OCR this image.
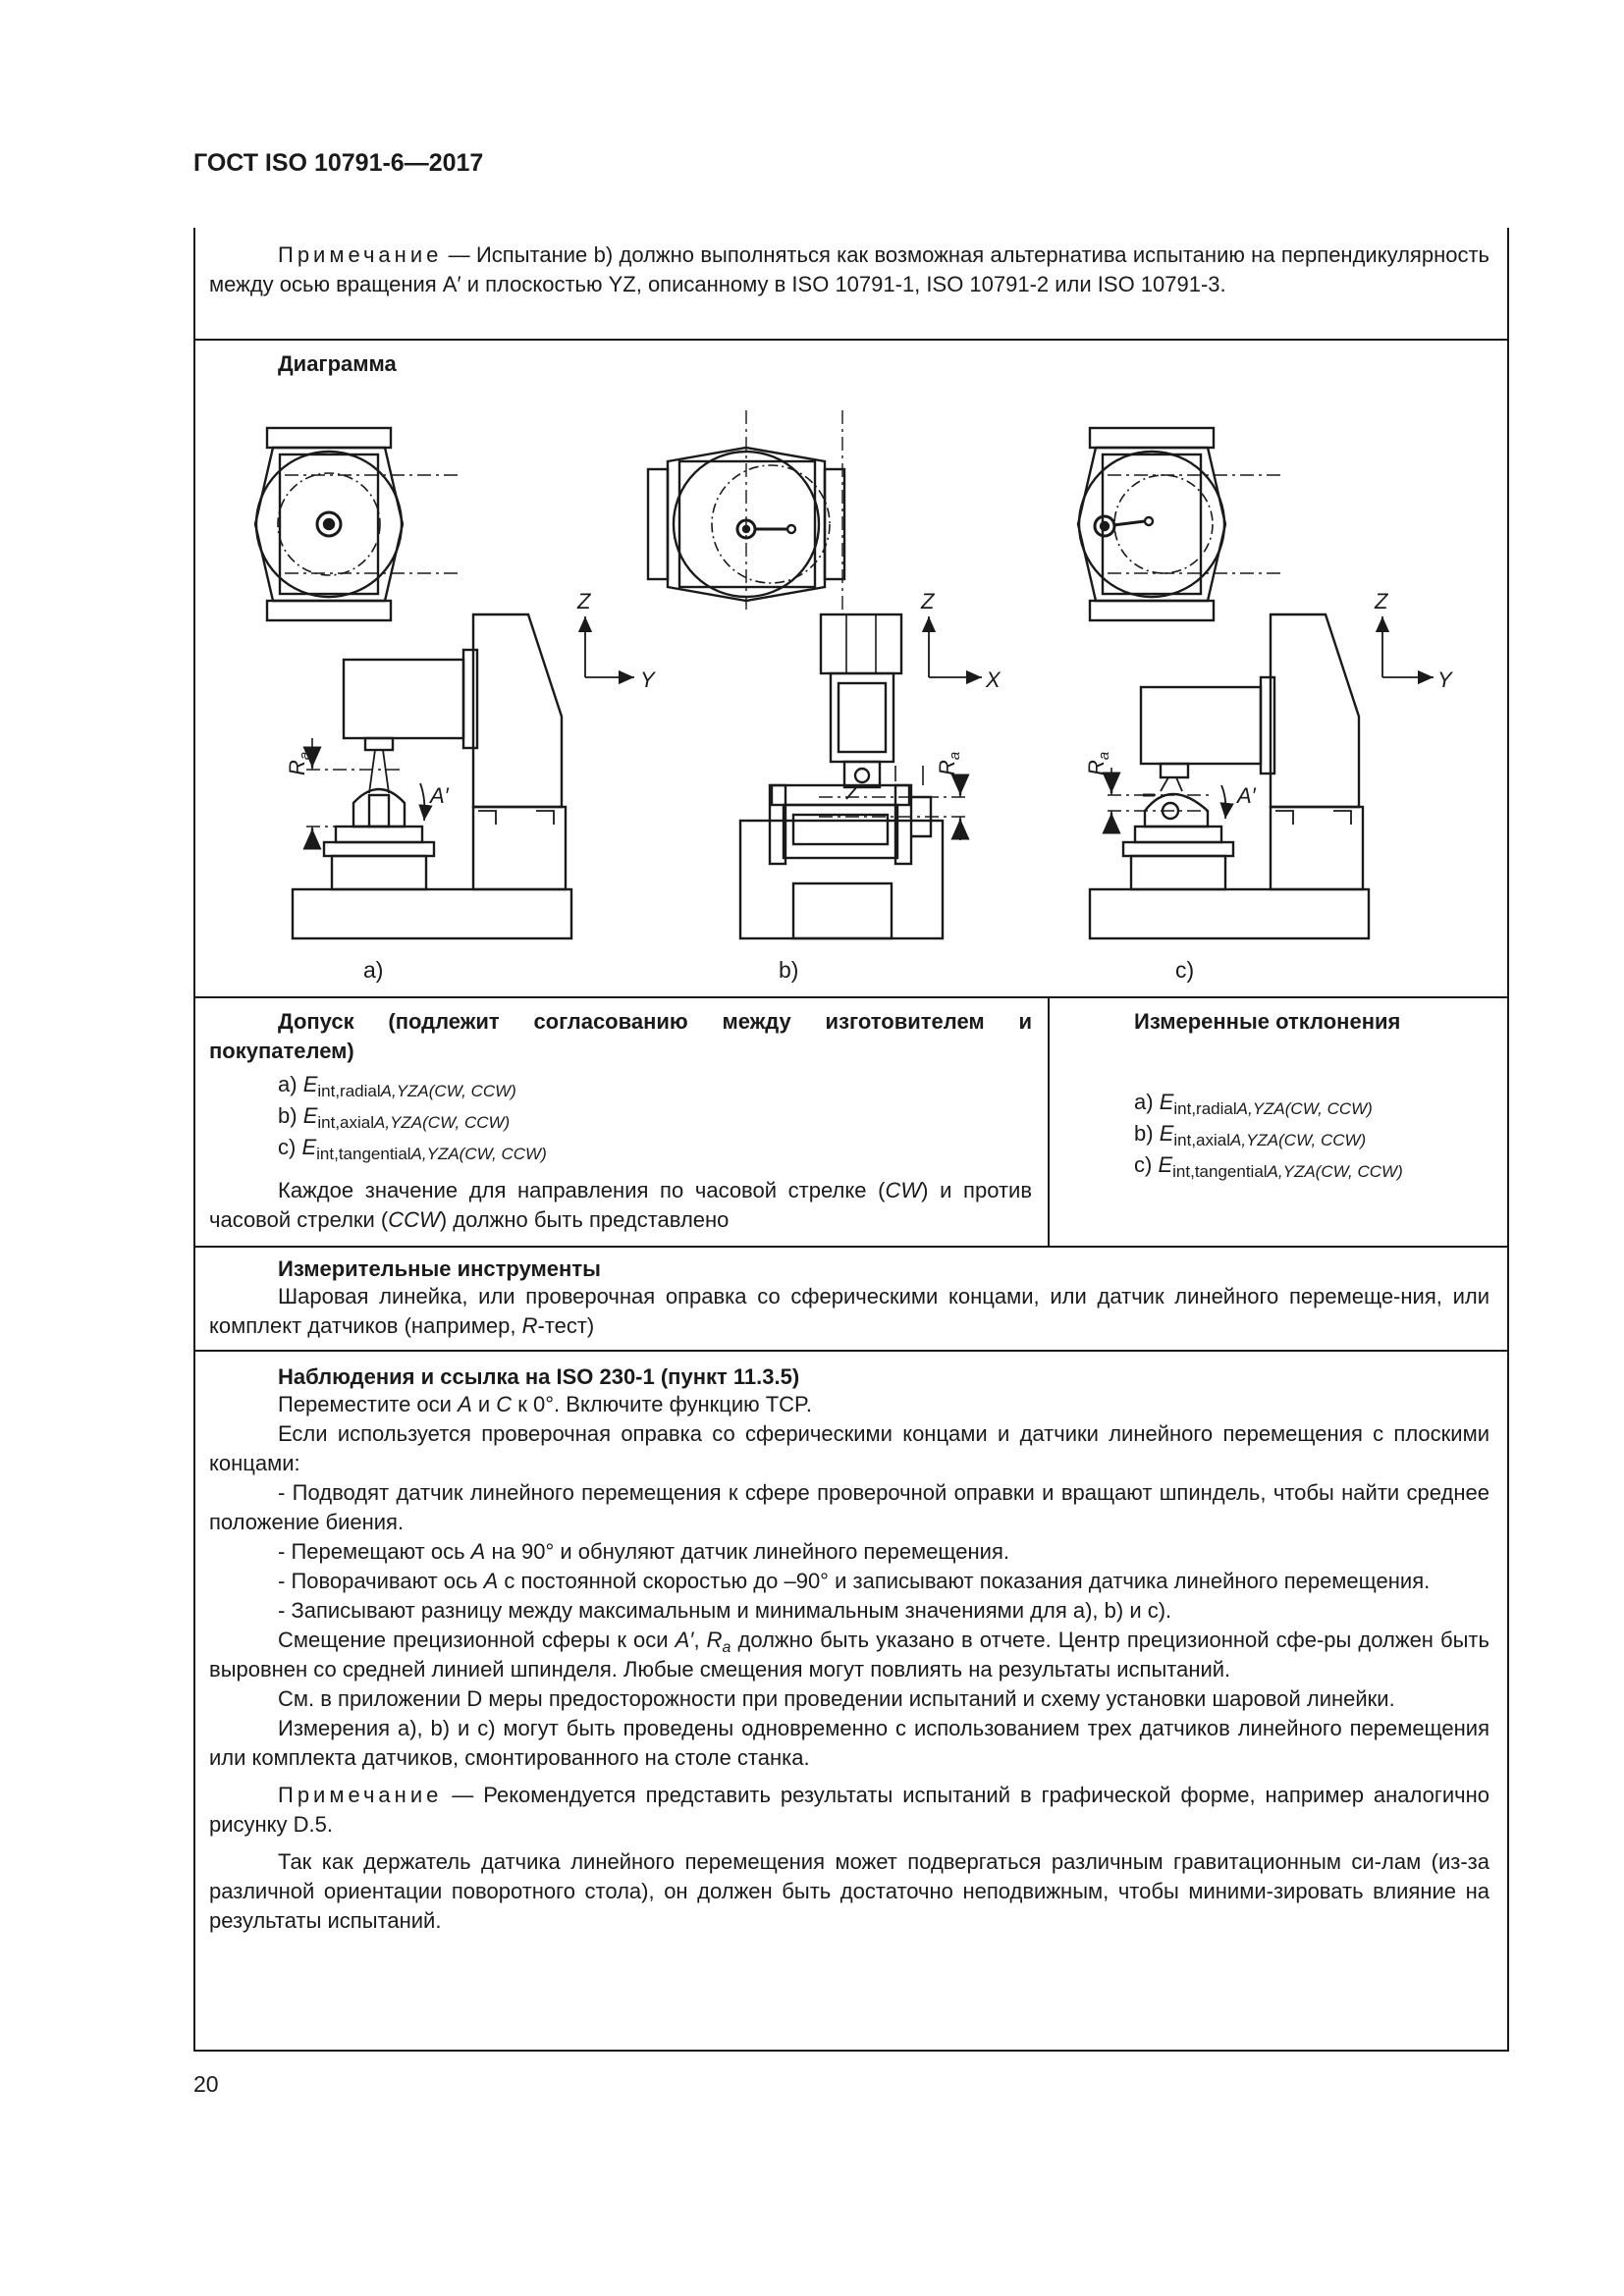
ГОСТ ISO 10791-6—2017
Примечание — Испытание b) должно выполняться как возможная альтернатива испытанию на перпендикулярность между осью вращения A′ и плоскостью YZ, описанному в ISO 10791-1, ISO 10791-2 или ISO 10791-3.
Диаграмма
Z
Y
Z
X
Z
Y
A′	A′
$R_a$
$R_a$
$R_a$
a)	b)	c)
Допуск (подлежит согласованию между изготовителем и покупателем)
a) $E_{int,radialA,YZA(CW, CCW)}$
b) $E_{int,axialA,YZA(CW, CCW)}$
c) $E_{int,tangentialA,YZA(CW, CCW)}$
Каждое значение для направления по часовой стрелке (CW) и против часовой стрелки (CCW) должно быть представлено
Измеренные отклонения
a) $E_{int,radialA,YZA(CW, CCW)}$
b) $E_{int,axialA,YZA(CW, CCW)}$
c) $E_{int,tangentialA,YZA(CW, CCW)}$
Измерительные инструменты
Шаровая линейка, или проверочная оправка со сферическими концами, или датчик линейного перемеще-ния, или комплект датчиков (например, R-тест)
Наблюдения и ссылка на ISO 230-1 (пункт 11.3.5)
Переместите оси A и C к 0°. Включите функцию TCP.
Если используется проверочная оправка со сферическими концами и датчики линейного перемещения с плоскими концами:
- Подводят датчик линейного перемещения к сфере проверочной оправки и вращают шпиндель, чтобы найти среднее положение биения.
- Перемещают ось A на 90° и обнуляют датчик линейного перемещения.
- Поворачивают ось A с постоянной скоростью до –90° и записывают показания датчика линейного перемещения.
- Записывают разницу между максимальным и минимальным значениями для a), b) и c).
Смещение прецизионной сферы к оси A′, $R_a$ должно быть указано в отчете. Центр прецизионной сфе-ры должен быть выровнен со средней линией шпинделя. Любые смещения могут повлиять на результаты испытаний.
См. в приложении D меры предосторожности при проведении испытаний и схему установки шаровой линейки.
Измерения a), b) и c) могут быть проведены одновременно с использованием трех датчиков линейного перемещения или комплекта датчиков, смонтированного на столе станка.
Примечание — Рекомендуется представить результаты испытаний в графической форме, например аналогично рисунку D.5.
Так как держатель датчика линейного перемещения может подвергаться различным гравитационным си-лам (из-за различной ориентации поворотного стола), он должен быть достаточно неподвижным, чтобы миними-зировать влияние на результаты испытаний.
20
